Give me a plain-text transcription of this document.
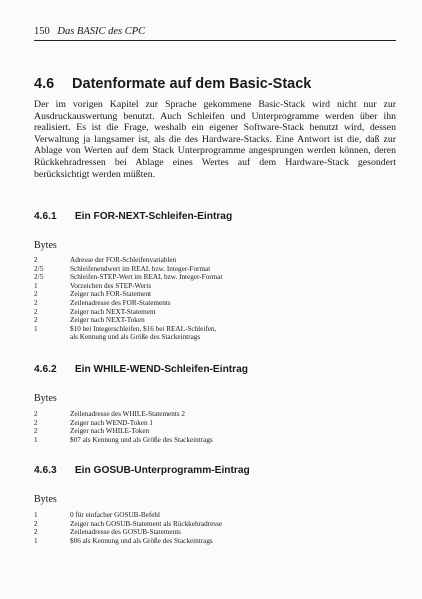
150 Das BASIC des CPC
4.6 Datenformate auf dem Basic-Stack
Der im vorigen Kapitel zur Sprache gekommene Basic-Stack wird nicht nur zur Ausdruckauswertung benutzt. Auch Schleifen und Unterprogramme werden über ihn realisiert. Es ist die Frage, weshalb ein eigener Software-Stack benutzt wird, dessen Verwaltung ja langsamer ist, als die des Hardware-Stacks. Eine Antwort ist die, daß zur Ablage von Werten auf dem Stack Unterprogramme angesprungen werden können, deren Rückkehradressen bei Ablage eines Wertes auf dem Hardware-Stack gesondert berücksichtigt werden müßten.
4.6.1 Ein FOR-NEXT-Schleifen-Eintrag
Bytes
2	Adresse der FOR-Schleifenvariablen
2/5	Schleifenendwert im REAL bzw. Integer-Format
2/5	Schleifen-STEP-Wert im REAL bzw. Integer-Format
1	Vorzeichen des STEP-Werts
2	Zeiger nach FOR-Statement
2	Zeilenadresse des FOR-Statements
2	Zeiger nach NEXT-Statement
2	Zeiger nach NEXT-Token
1	$10 bei Integerschleifen, $16 bei REAL-Schleifen,
als Kennung und als Größe des Stackeintrags
4.6.2 Ein WHILE-WEND-Schleifen-Eintrag
Bytes
2	Zeilenadresse des WHILE-Statements 2
2	Zeiger nach WEND-Token 1
2	Zeiger nach WHILE-Token
1	$07 als Kennung und als Größe des Stackeintrags
4.6.3 Ein GOSUB-Unterprogramm-Eintrag
Bytes
1	0 für einfacher GOSUB-Befehl
2	Zeiger nach GOSUB-Statement als Rückkehradresse
2	Zeilenadresse des GOSUB-Statements
1	$06 als Kennung und als Größe des Stackeintrags
